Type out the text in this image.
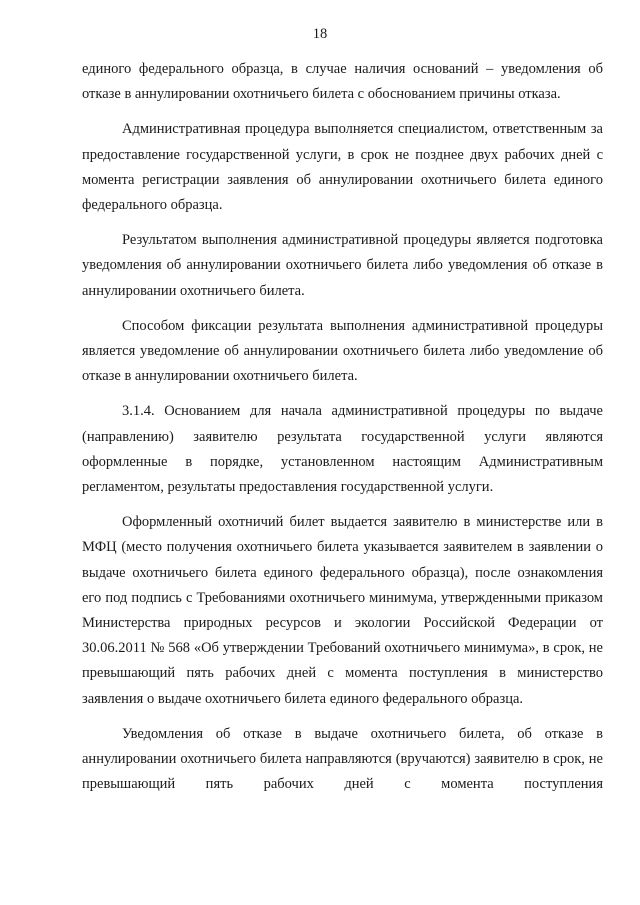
18

единого федерального образца, в случае наличия оснований – уведомления об отказе в аннулировании охотничьего билета с обоснованием причины отказа.

Административная процедура выполняется специалистом, ответственным за предоставление государственной услуги, в срок не позднее двух рабочих дней с момента регистрации заявления об аннулировании охотничьего билета единого федерального образца.

Результатом выполнения административной процедуры является подготовка уведомления об аннулировании охотничьего билета либо уведомления об отказе в аннулировании охотничьего билета.

Способом фиксации результата выполнения административной процедуры является уведомление об аннулировании охотничьего билета либо уведомление об отказе в аннулировании охотничьего билета.

3.1.4. Основанием для начала административной процедуры по выдаче (направлению) заявителю результата государственной услуги являются оформленные в порядке, установленном настоящим Административным регламентом, результаты предоставления государственной услуги.

Оформленный охотничий билет выдается заявителю в министерстве или в МФЦ (место получения охотничьего билета указывается заявителем в заявлении о выдаче охотничьего билета единого федерального образца), после ознакомления его под подпись с Требованиями охотничьего минимума, утвержденными приказом Министерства природных ресурсов и экологии Российской Федерации от 30.06.2011 № 568 «Об утверждении Требований охотничьего минимума», в срок, не превышающий пять рабочих дней с момента поступления в министерство заявления о выдаче охотничьего билета единого федерального образца.

Уведомления об отказе в выдаче охотничьего билета, об отказе в аннулировании охотничьего билета направляются (вручаются) заявителю в срок, не превышающий пять рабочих дней с момента поступления
